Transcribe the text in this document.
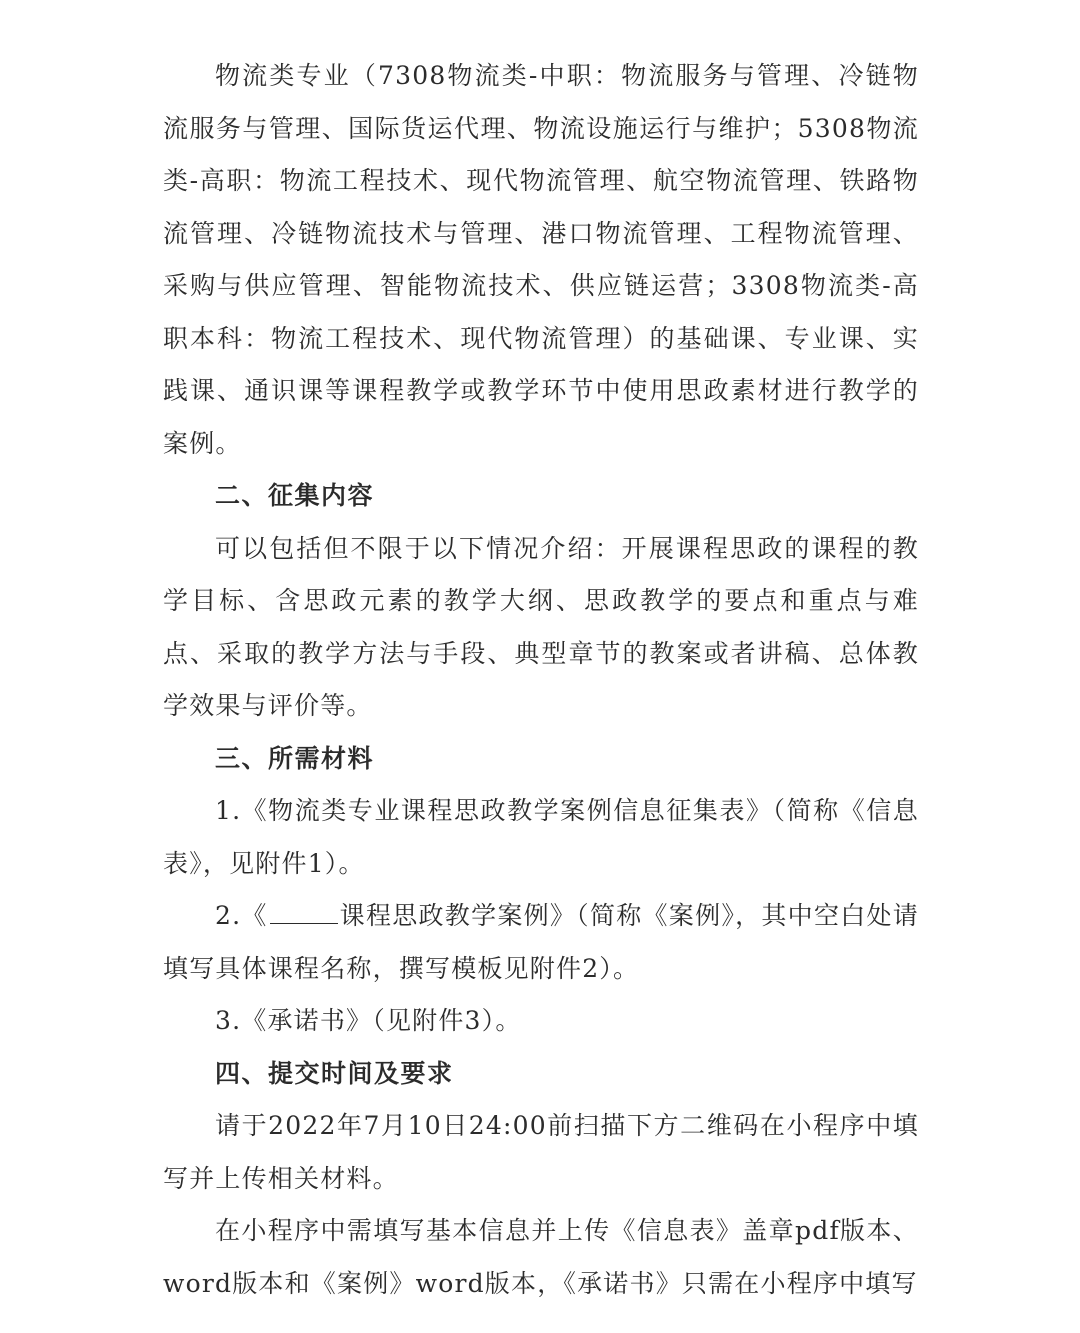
物流类专业（7308物流类-中职：物流服务与管理、冷链物流服务与管理、国际货运代理、物流设施运行与维护；5308物流类-高职：物流工程技术、现代物流管理、航空物流管理、铁路物流管理、冷链物流技术与管理、港口物流管理、工程物流管理、采购与供应管理、智能物流技术、供应链运营；3308物流类-高职本科：物流工程技术、现代物流管理）的基础课、专业课、实践课、通识课等课程教学或教学环节中使用思政素材进行教学的案例。

二、征集内容

可以包括但不限于以下情况介绍：开展课程思政的课程的教学目标、含思政元素的教学大纲、思政教学的要点和重点与难点、采取的教学方法与手段、典型章节的教案或者讲稿、总体教学效果与评价等。

三、所需材料

1.《物流类专业课程思政教学案例信息征集表》（简称《信息表》，见附件1）。

2.《	课程思政教学案例》（简称《案例》，其中空白处请填写具体课程名称，撰写模板见附件2）。

3.《承诺书》（见附件3）。

四、提交时间及要求

请于2022年7月10日24:00前扫描下方二维码在小程序中填写并上传相关材料。

在小程序中需填写基本信息并上传《信息表》盖章pdf版本、word版本和《案例》word版本，《承诺书》只需在小程序中填写
